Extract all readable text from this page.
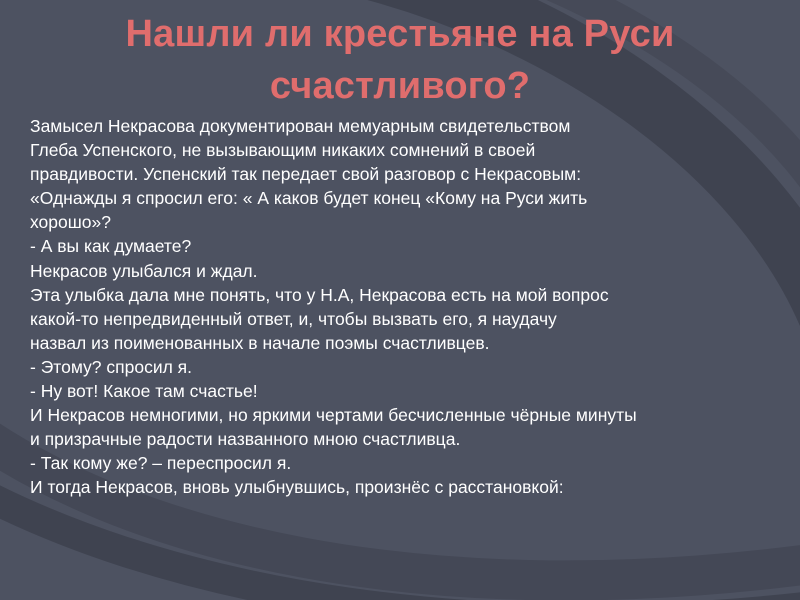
Нашли ли крестьяне на Руси
счастливого?
Замысел Некрасова документирован мемуарным свидетельством
Глеба Успенского, не вызывающим никаких сомнений в своей
правдивости. Успенский так передает свой разговор с Некрасовым:
«Однажды я спросил его: « А каков будет конец «Кому на Руси жить
хорошо»?
- А вы как думаете?
Некрасов улыбался и ждал.
Эта улыбка дала мне понять, что у Н.А, Некрасова есть на мой вопрос
какой-то непредвиденный ответ, и, чтобы вызвать его, я наудачу
назвал из поименованных в начале поэмы счастливцев.
- Этому? спросил я.
- Ну вот! Какое там счастье!
И Некрасов немногими, но яркими чертами бесчисленные чёрные минуты
и призрачные радости названного мною счастливца.
- Так кому же? – переспросил я.
И тогда Некрасов, вновь улыбнувшись, произнёс с расстановкой:
